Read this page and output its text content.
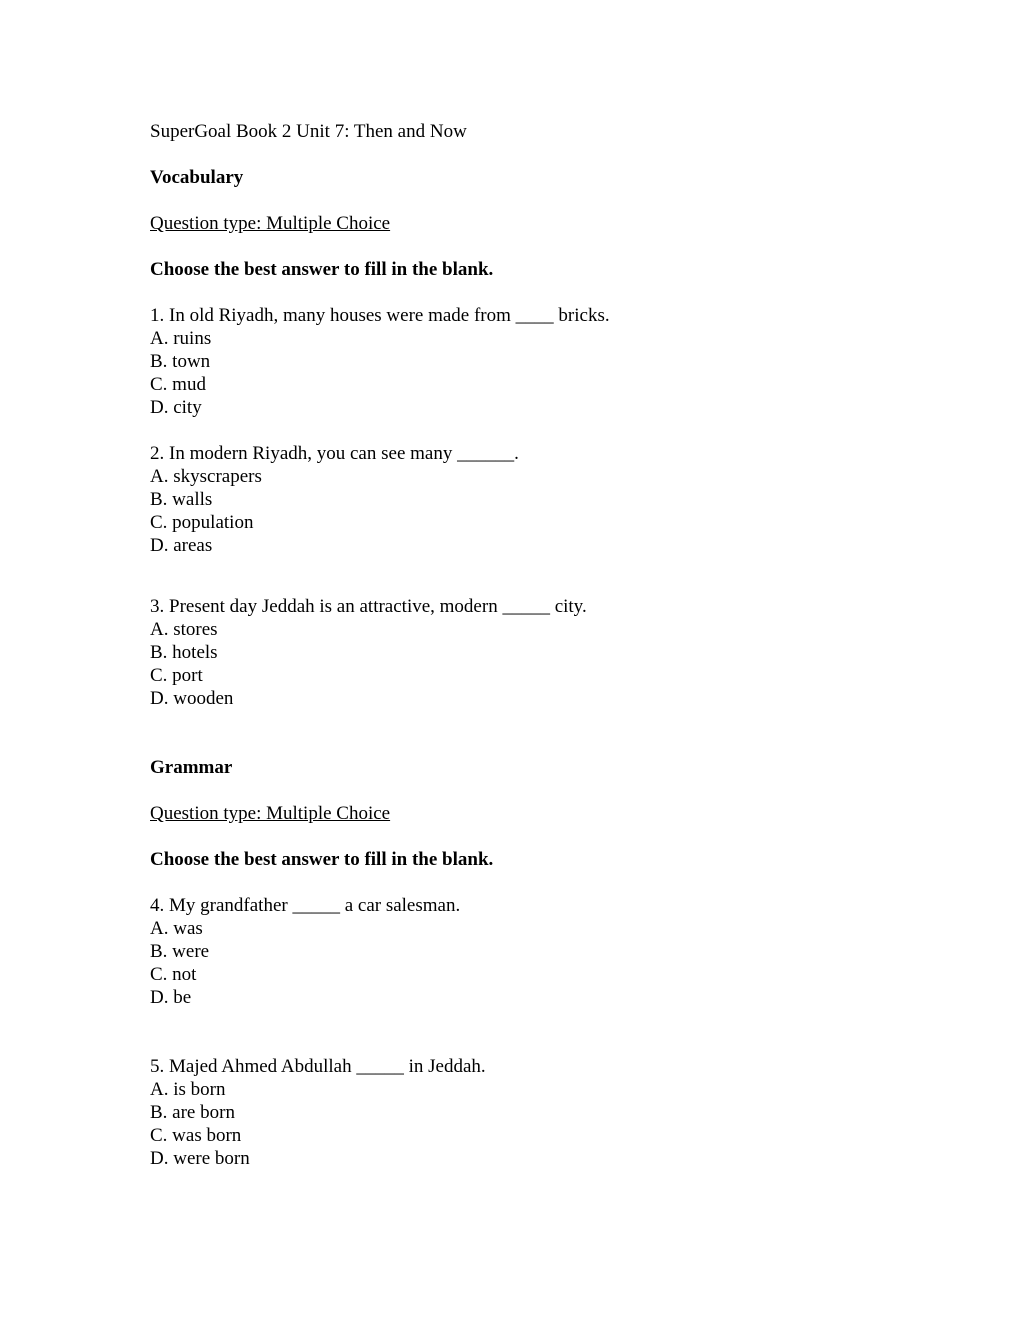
SuperGoal Book 2 Unit 7: Then and Now
Vocabulary
Question type: Multiple Choice
Choose the best answer to fill in the blank.
1. In old Riyadh, many houses were made from ____ bricks.
A. ruins
B. town
C. mud
D. city
2. In modern Riyadh, you can see many ______.
A. skyscrapers
B. walls
C. population
D. areas
3. Present day Jeddah is an attractive, modern _____ city.
A. stores
B. hotels
C. port
D. wooden
Grammar
Question type: Multiple Choice
Choose the best answer to fill in the blank.
4. My grandfather _____ a car salesman.
A. was
B. were
C. not
D. be
5. Majed Ahmed Abdullah _____ in Jeddah.
A. is born
B. are born
C. was born
D. were born
